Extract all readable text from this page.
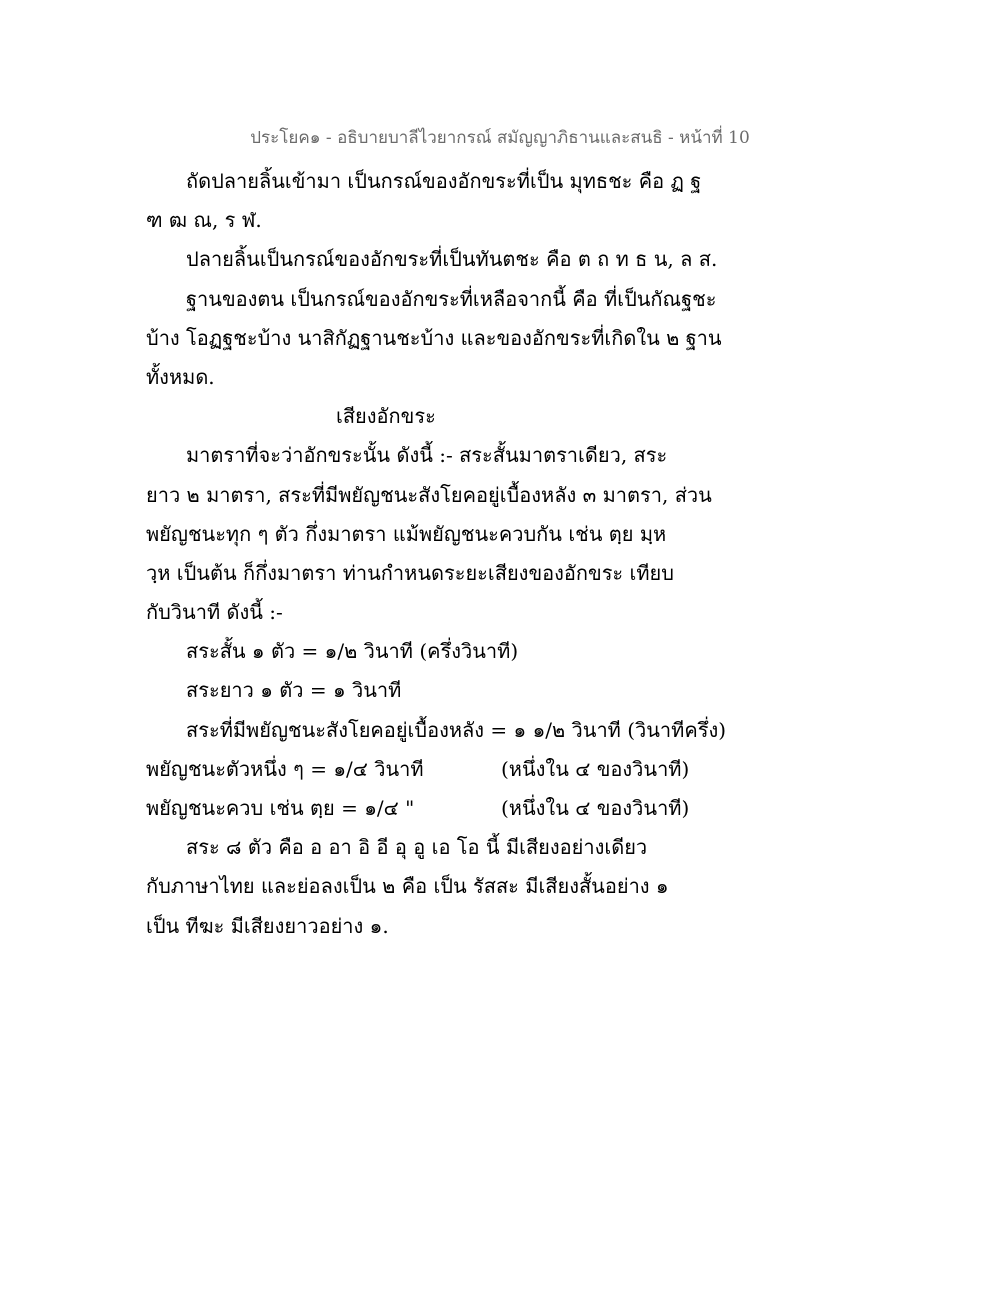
ประโยค๑ - อธิบายบาลีไวยากรณ์ สมัญญาภิธานและสนธิ - หน้าที่ 10
ถัดปลายลิ้นเข้ามา เป็นกรณ์ของอักขระที่เป็น มุทธชะ คือ ฏ ฐ
ฑ ฒ ณ, ร ฬ.
ปลายลิ้นเป็นกรณ์ของอักขระที่เป็นทันตชะ คือ ต ถ ท ธ น, ล ส.
ฐานของตน เป็นกรณ์ของอักขระที่เหลือจากนี้ คือ ที่เป็นกัณฐชะ
บ้าง โอฏฐชะบ้าง นาสิกัฏฐานชะบ้าง และของอักขระที่เกิดใน ๒ ฐาน
ทั้งหมด.
เสียงอักขระ
มาตราที่จะว่าอักขระนั้น ดังนี้ :- สระสั้นมาตราเดียว, สระ
ยาว ๒ มาตรา, สระที่มีพยัญชนะสังโยคอยู่เบื้องหลัง ๓ มาตรา, ส่วน
พยัญชนะทุก ๆ ตัว กึ่งมาตรา แม้พยัญชนะควบกัน เช่น ตฺย มฺห
วฺห เป็นต้น ก็กึ่งมาตรา ท่านกำหนดระยะเสียงของอักขระ เทียบ
กับวินาที ดังนี้ :-
สระสั้น ๑ ตัว = ๑/๒ วินาที (ครึ่งวินาที)
สระยาว ๑ ตัว = ๑ วินาที
สระที่มีพยัญชนะสังโยคอยู่เบื้องหลัง = ๑ ๑/๒ วินาที (วินาทีครึ่ง)
พยัญชนะตัวหนึ่ง ๆ = ๑/๔ วินาที	(หนึ่งใน ๔ ของวินาที)
พยัญชนะควบ เช่น ตฺย = ๑/๔ "	(หนึ่งใน ๔ ของวินาที)
สระ ๘ ตัว คือ อ อา อิ อี อุ อู เอ โอ นี้ มีเสียงอย่างเดียว
กับภาษาไทย และย่อลงเป็น ๒ คือ เป็น รัสสะ มีเสียงสั้นอย่าง ๑
เป็น ทีฆะ มีเสียงยาวอย่าง ๑.
